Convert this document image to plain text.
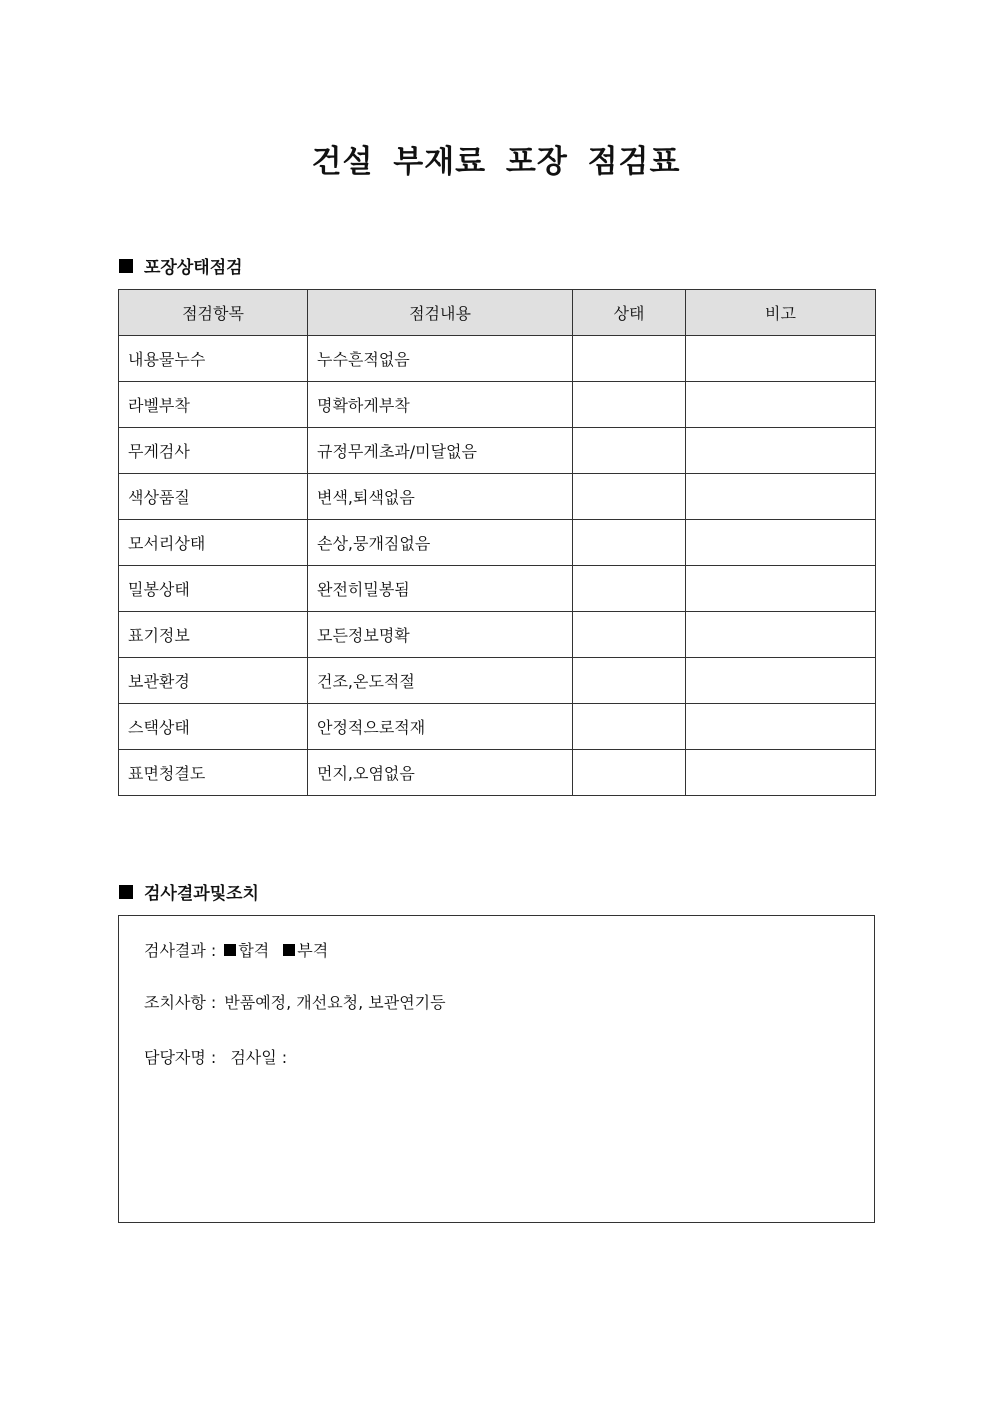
건설 부재료 포장 점검표
포장상태점검
점검항목	점검내용	상태	비고
내용물누수	누수흔적없음		
라벨부착	명확하게부착		
무게검사	규정무게초과/미달없음		
색상품질	변색,퇴색없음		
모서리상태	손상,뭉개짐없음		
밀봉상태	완전히밀봉됨		
표기정보	모든정보명확		
보관환경	건조,온도적절		
스택상태	안정적으로적재		
표면청결도	먼지,오염없음		
검사결과및조치
검사결과 : 합격 부격
조치사항 : 반품예정, 개선요청, 보관연기등
담당자명 : 검사일 :
